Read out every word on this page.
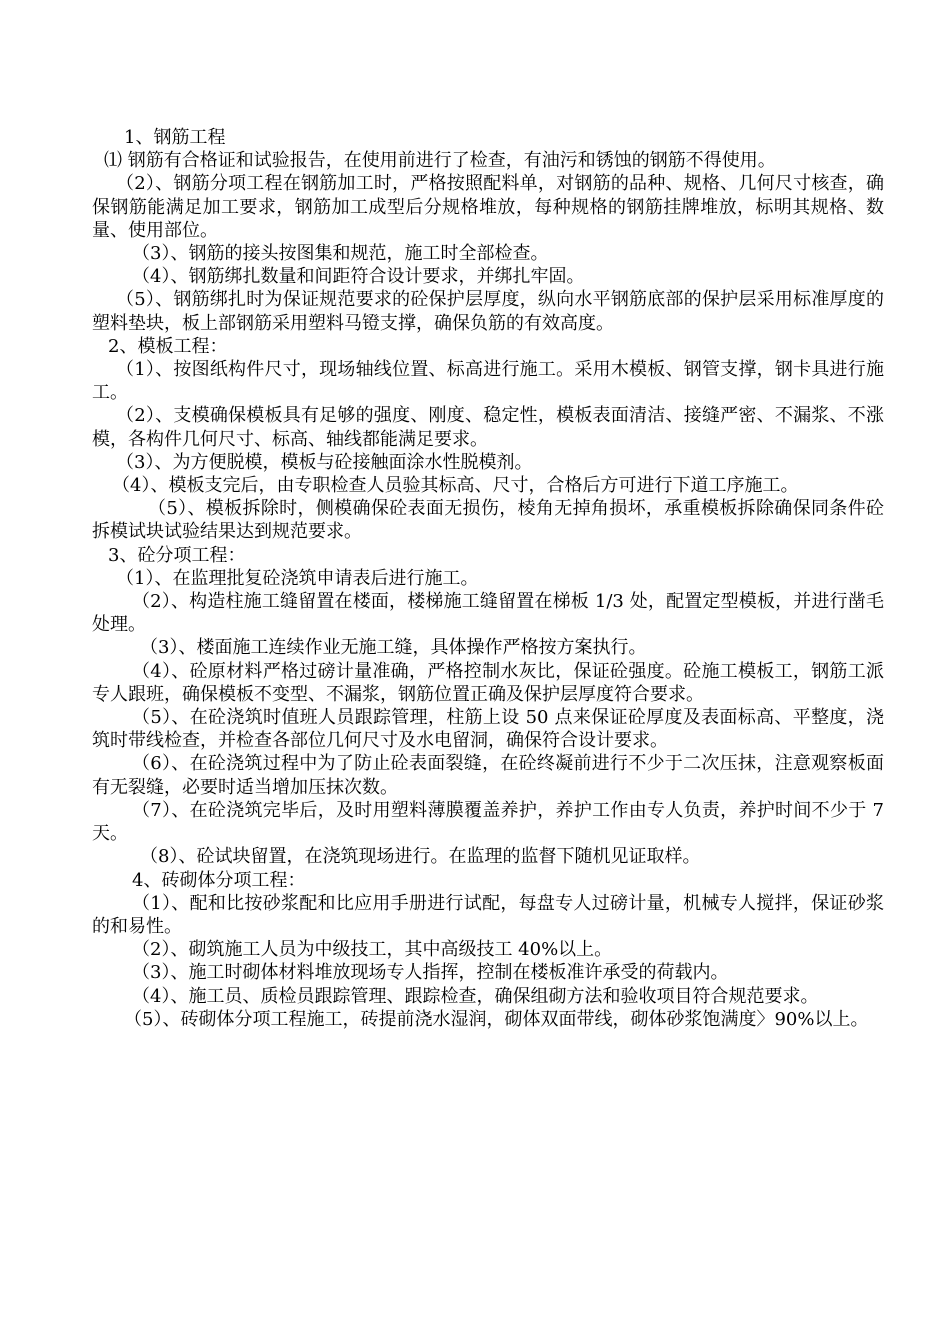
1、钢筋工程

⑴ 钢筋有合格证和试验报告，在使用前进行了检查，有油污和锈蚀的钢筋不得使用。

（2）、钢筋分项工程在钢筋加工时，严格按照配料单，对钢筋的品种、规格、几何尺寸核查，确保钢筋能满足加工要求，钢筋加工成型后分规格堆放，每种规格的钢筋挂牌堆放，标明其规格、数量、使用部位。

（3）、钢筋的接头按图集和规范，施工时全部检查。

（4）、钢筋绑扎数量和间距符合设计要求，并绑扎牢固。

（5）、钢筋绑扎时为保证规范要求的砼保护层厚度，纵向水平钢筋底部的保护层采用标准厚度的塑料垫块，板上部钢筋采用塑料马镫支撑，确保负筋的有效高度。

2、模板工程：

（1）、按图纸构件尺寸，现场轴线位置、标高进行施工。采用木模板、钢管支撑，钢卡具进行施工。

（2）、支模确保模板具有足够的强度、刚度、稳定性，模板表面清洁、接缝严密、不漏浆、不涨模，各构件几何尺寸、标高、轴线都能满足要求。

（3）、为方便脱模，模板与砼接触面涂水性脱模剂。

（4）、模板支完后，由专职检查人员验其标高、尺寸，合格后方可进行下道工序施工。

（5）、模板拆除时，侧模确保砼表面无损伤，棱角无掉角损坏，承重模板拆除确保同条件砼拆模试块试验结果达到规范要求。

3、砼分项工程：

（1）、在监理批复砼浇筑申请表后进行施工。

（2）、构造柱施工缝留置在楼面，楼梯施工缝留置在梯板 1/3 处，配置定型模板，并进行凿毛处理。

（3）、楼面施工连续作业无施工缝，具体操作严格按方案执行。

（4）、砼原材料严格过磅计量准确，严格控制水灰比，保证砼强度。砼施工模板工，钢筋工派专人跟班，确保模板不变型、不漏浆，钢筋位置正确及保护层厚度符合要求。

（5）、在砼浇筑时值班人员跟踪管理，柱筋上设 50 点来保证砼厚度及表面标高、平整度，浇筑时带线检查，并检查各部位几何尺寸及水电留洞，确保符合设计要求。

（6）、在砼浇筑过程中为了防止砼表面裂缝，在砼终凝前进行不少于二次压抹，注意观察板面有无裂缝，必要时适当增加压抹次数。

（7）、在砼浇筑完毕后，及时用塑料薄膜覆盖养护，养护工作由专人负责，养护时间不少于 7 天。

（8）、砼试块留置，在浇筑现场进行。在监理的监督下随机见证取样。

4、砖砌体分项工程：

（1）、配和比按砂浆配和比应用手册进行试配，每盘专人过磅计量，机械专人搅拌，保证砂浆的和易性。

（2）、砌筑施工人员为中级技工，其中高级技工 40%以上。

（3）、施工时砌体材料堆放现场专人指挥，控制在楼板准许承受的荷载内。

（4）、施工员、质检员跟踪管理、跟踪检查，确保组砌方法和验收项目符合规范要求。

（5）、砖砌体分项工程施工，砖提前浇水湿润，砌体双面带线，砌体砂浆饱满度〉90%以上。
